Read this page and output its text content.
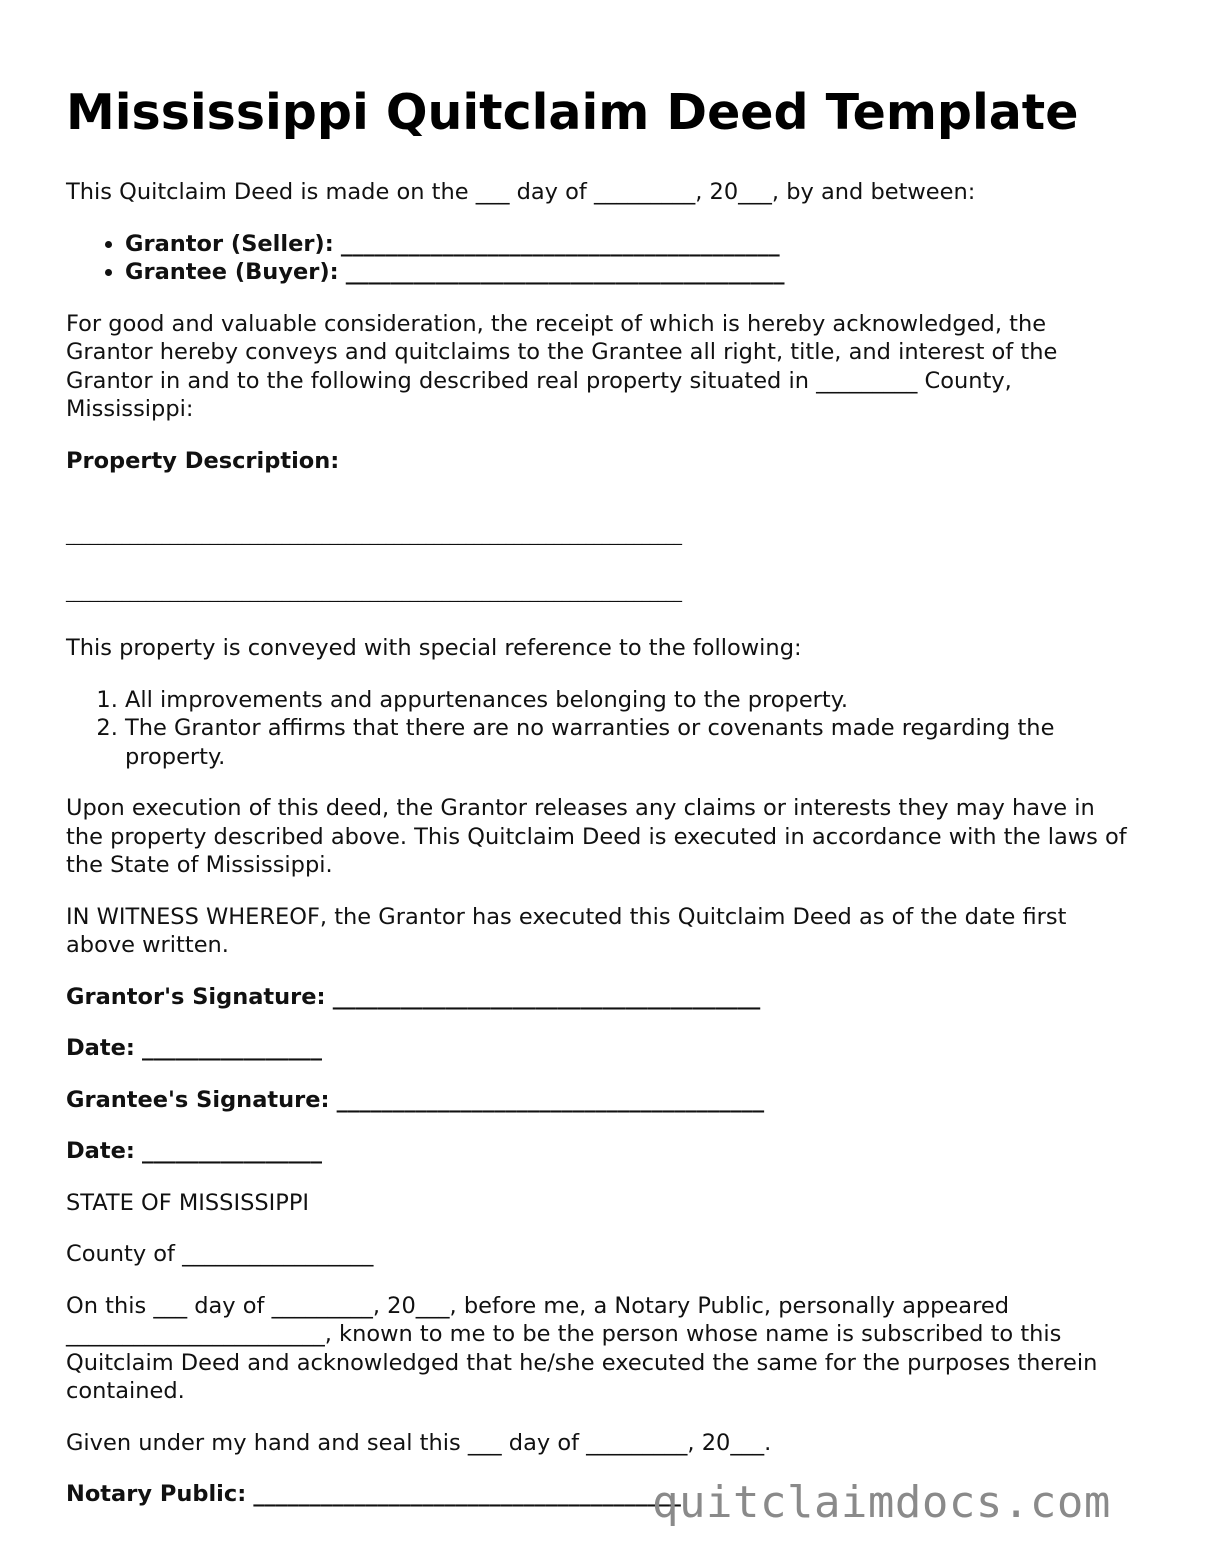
Mississippi Quitclaim Deed Template

This Quitclaim Deed is made on the ___ day of _________, 20___, by and between:

• Grantor (Seller): _______________________________________
• Grantee (Buyer): _______________________________________

For good and valuable consideration, the receipt of which is hereby acknowledged, the Grantor hereby conveys and quitclaims to the Grantee all right, title, and interest of the Grantor in and to the following described real property situated in _________ County, Mississippi:

Property Description:

_____________________________________________________________________________
_____________________________________________________________________________

This property is conveyed with special reference to the following:

1. All improvements and appurtenances belonging to the property.
2. The Grantor affirms that there are no warranties or covenants made regarding the property.

Upon execution of this deed, the Grantor releases any claims or interests they may have in the property described above. This Quitclaim Deed is executed in accordance with the laws of the State of Mississippi.

IN WITNESS WHEREOF, the Grantor has executed this Quitclaim Deed as of the date first above written.

Grantor's Signature: ______________________________________

Date: ________________

Grantee's Signature: ______________________________________

Date: ________________

STATE OF MISSISSIPPI

County of _________________

On this ___ day of _________, 20___, before me, a Notary Public, personally appeared _______________________, known to me to be the person whose name is subscribed to this Quitclaim Deed and acknowledged that he/she executed the same for the purposes therein contained.

Given under my hand and seal this ___ day of _________, 20___.

Notary Public: ______________________________________

quitclaimdocs.com
